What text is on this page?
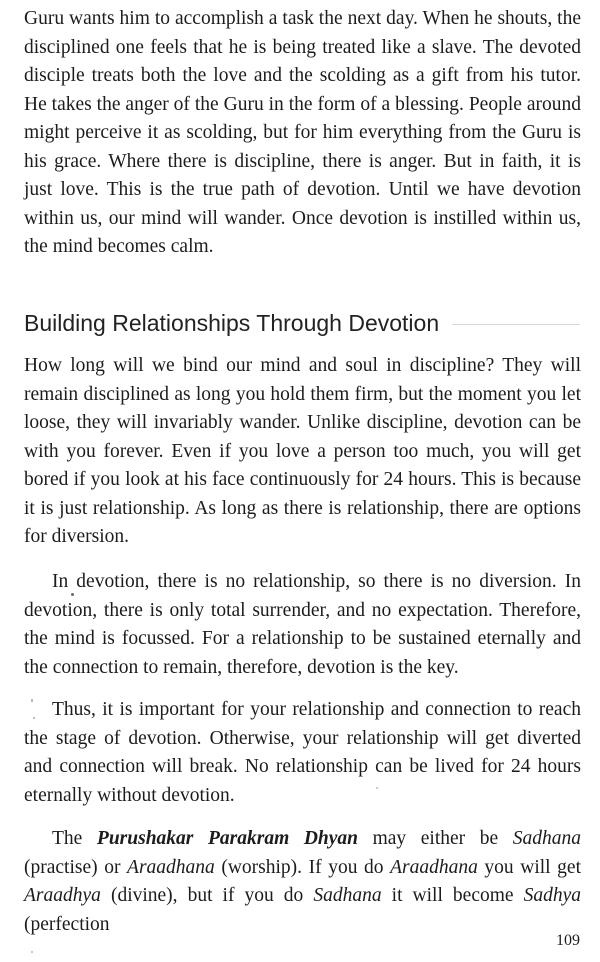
Guru wants him to accomplish a task the next day. When he shouts, the disciplined one feels that he is being treated like a slave. The devoted disciple treats both the love and the scolding as a gift from his tutor. He takes the anger of the Guru in the form of a blessing. People around might perceive it as scolding, but for him everything from the Guru is his grace. Where there is discipline, there is anger. But in faith, it is just love. This is the true path of devotion. Until we have devotion within us, our mind will wander. Once devotion is instilled within us, the mind becomes calm.

Building Relationships Through Devotion

How long will we bind our mind and soul in discipline? They will remain disciplined as long you hold them firm, but the moment you let loose, they will invariably wander. Unlike discipline, devotion can be with you forever. Even if you love a person too much, you will get bored if you look at his face continuously for 24 hours. This is because it is just relationship. As long as there is relationship, there are options for diversion.

In devotion, there is no relationship, so there is no diversion. In devotion, there is only total surrender, and no expectation. Therefore, the mind is focussed. For a relationship to be sustained eternally and the connection to remain, therefore, devotion is the key.

Thus, it is important for your relationship and connection to reach the stage of devotion. Otherwise, your relationship will get diverted and connection will break. No relationship can be lived for 24 hours eternally without devotion.

The Purushakar Parakram Dhyan may either be Sadhana (practise) or Araadhana (worship). If you do Araadhana you will get Araadhya (divine), but if you do Sadhana it will become Sadhya (perfection

109
